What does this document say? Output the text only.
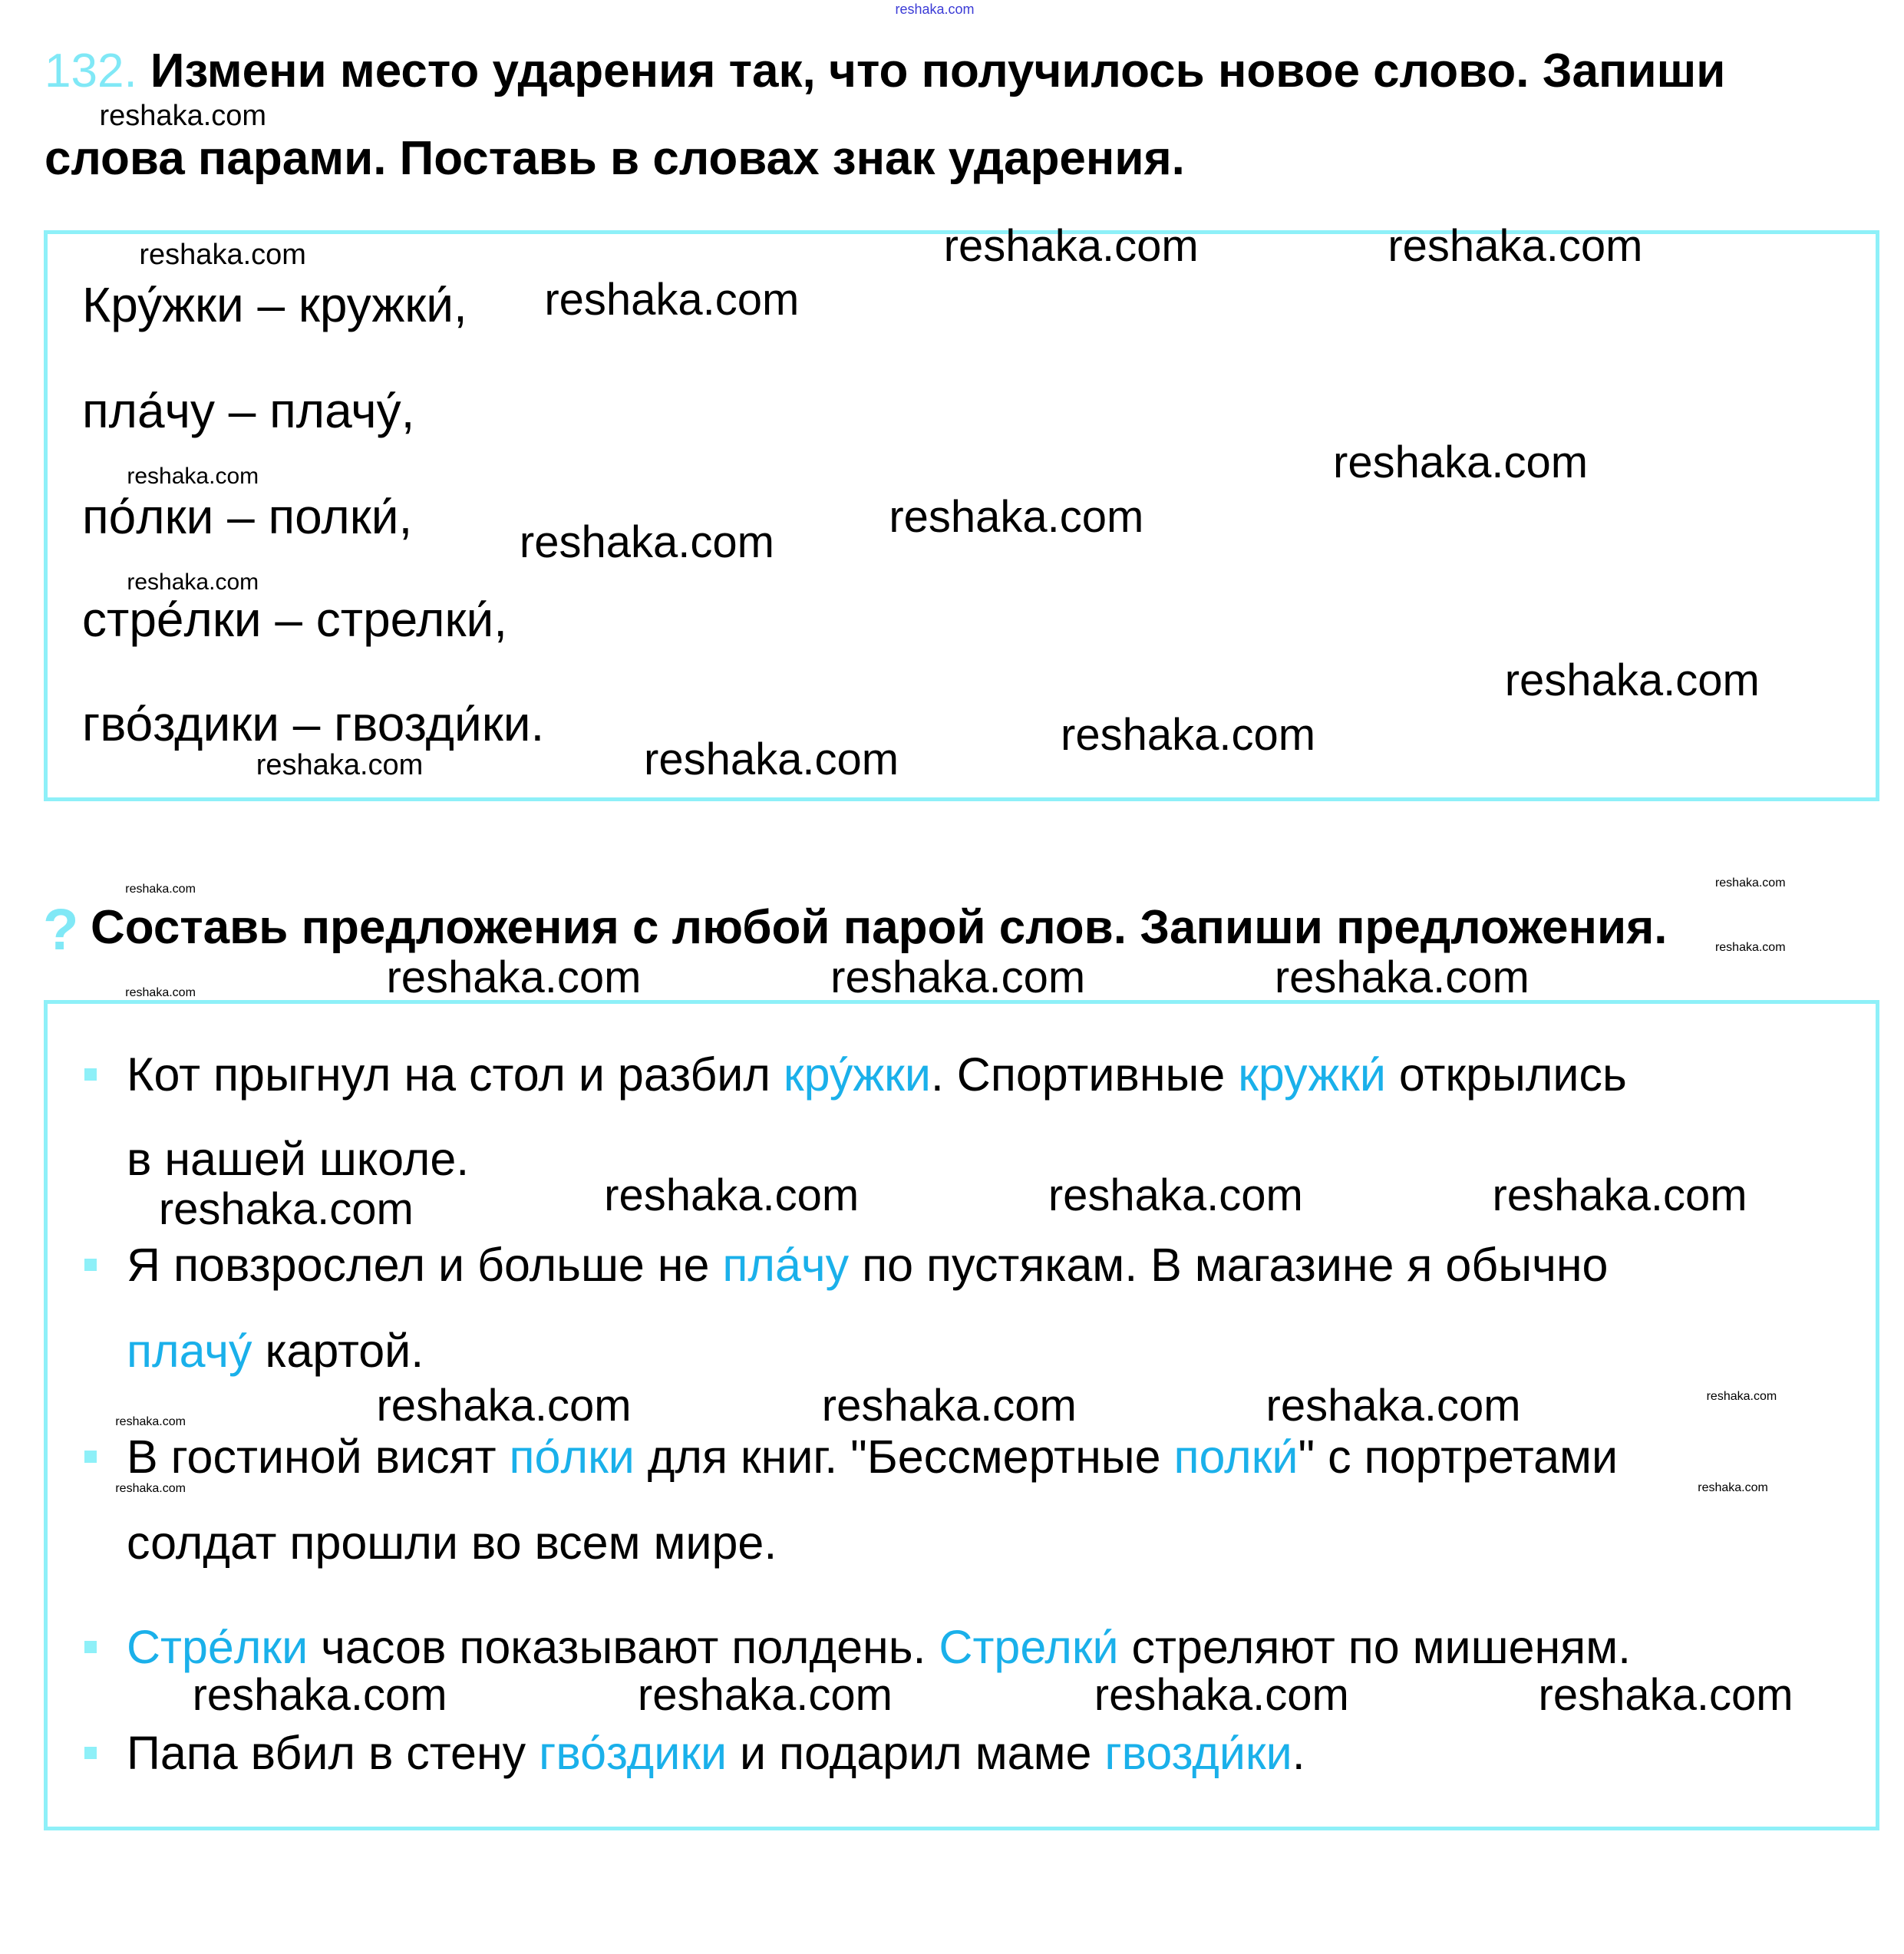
reshaka.com
132. Измени место ударения так, что получилось новое слово. Запиши
слова парами. Поставь в словах знак ударения.
Кру́жки – кружки́,
пла́чу – плачу́,
по́лки – полки́,
стре́лки – стрелки́,
гво́здики – гвозди́ки.
? Составь предложения с любой парой слов. Запиши предложения.
Кот прыгнул на стол и разбил кру́жки. Спортивные кружки́ открылись
в нашей школе.
Я повзрослел и больше не пла́чу по пустякам. В магазине я обычно
плачу́ картой.
В гостиной висят по́лки для книг. "Бессмертные полки́" с портретами
солдат прошли во всем мире.
Стре́лки часов показывают полдень. Стрелки́ стреляют по мишеням.
Папа вбил в стену гво́здики и подарил маме гвозди́ки.
reshaka.com	reshaka.com
reshaka.com
reshaka.com
reshaka.com
reshaka.com
reshaka.com
reshaka.com
reshaka.com
reshaka.com	reshaka.com	reshaka.com
reshaka.com	reshaka.com	reshaka.com	reshaka.com
reshaka.com	reshaka.com	reshaka.com
reshaka.com	reshaka.com	reshaka.com	reshaka.com
reshaka.com
reshaka.com
reshaka.com
reshaka.com
reshaka.com
reshaka.com
reshaka.com
reshaka.com
reshaka.com
reshaka.com
reshaka.com
reshaka.com
reshaka.com
